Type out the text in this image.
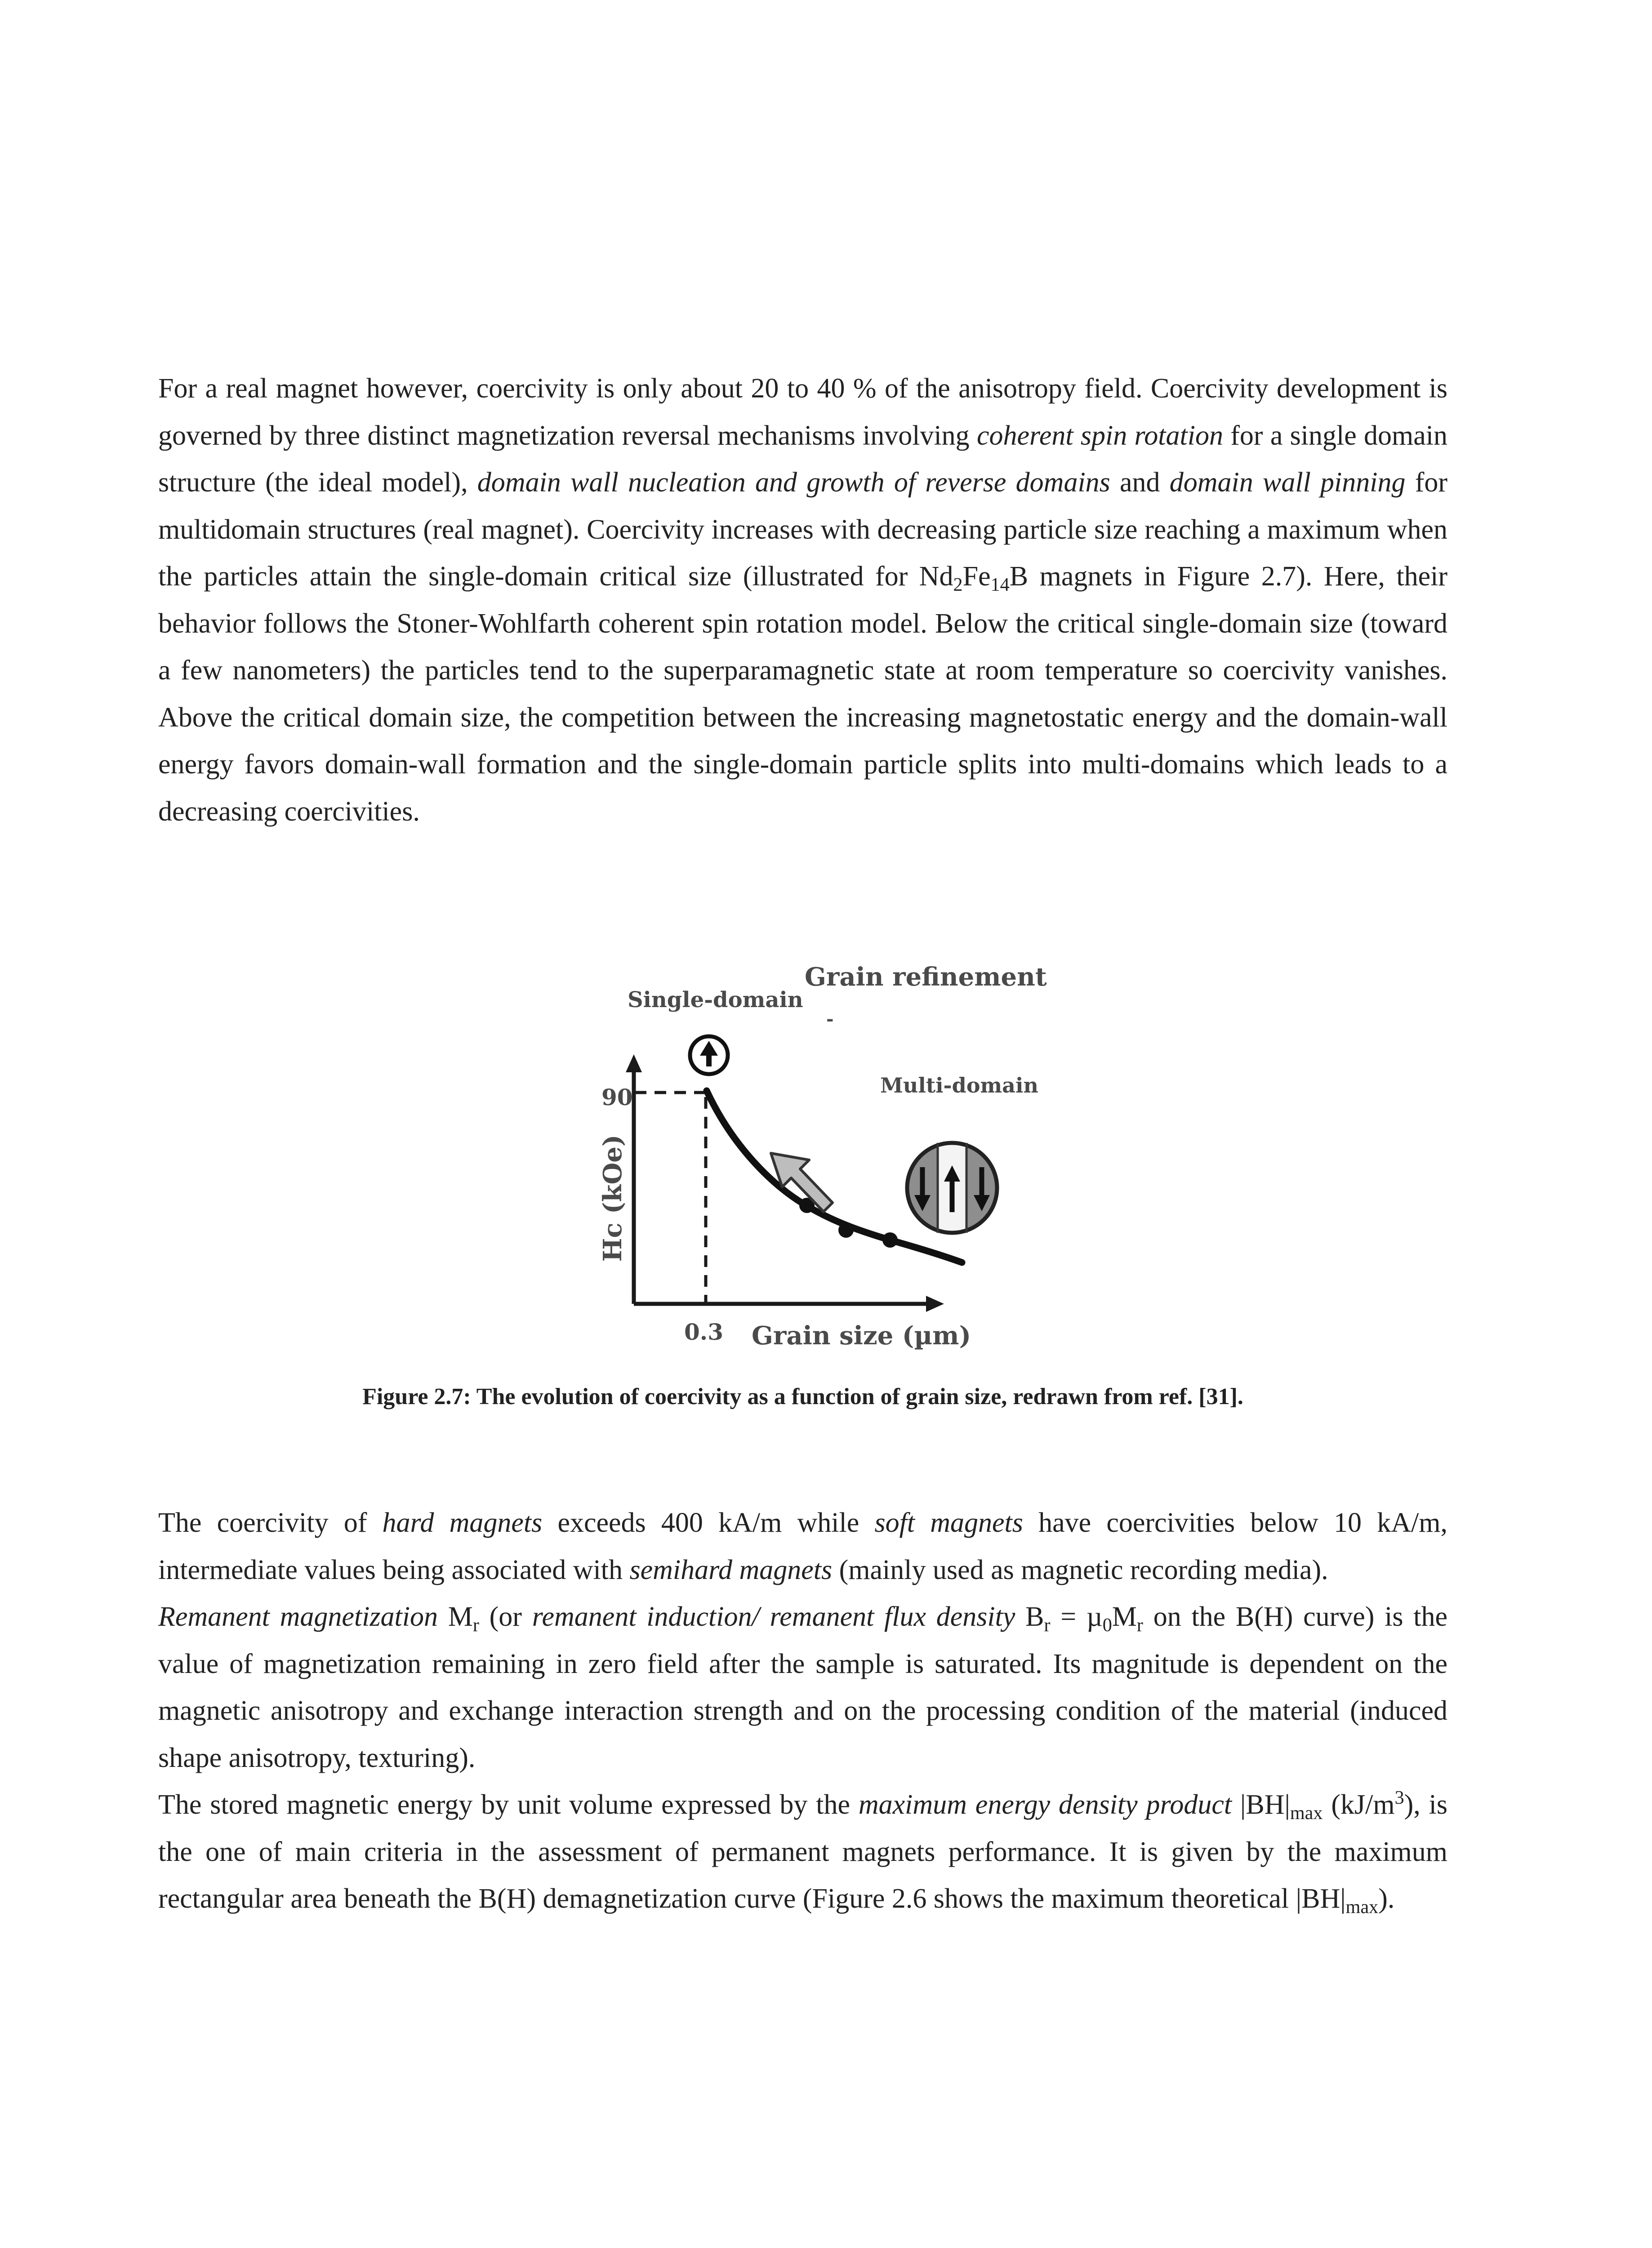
For a real magnet however, coercivity is only about 20 to 40 % of the anisotropy field. Coercivity development is governed by three distinct magnetization reversal mechanisms involving coherent spin rotation for a single domain structure (the ideal model), domain wall nucleation and growth of reverse domains and domain wall pinning for multidomain structures (real magnet). Coercivity increases with decreasing particle size reaching a maximum when the particles attain the single-domain critical size (illustrated for $Nd_2Fe_{14}B$ magnets in Figure 2.7). Here, their behavior follows the Stoner-Wohlfarth coherent spin rotation model. Below the critical single-domain size (toward a few nanometers) the particles tend to the superparamagnetic state at room temperature so coercivity vanishes. Above the critical domain size, the competition between the increasing magnetostatic energy and the domain-wall energy favors domain-wall formation and the single-domain particle splits into multi-domains which leads to a decreasing coercivities.

Grain refinement
Single-domain
-
Multi-domain
90
0.3 Grain size (µm)
Hc (kOe)
Figure 2.7: The evolution of coercivity as a function of grain size, redrawn from ref. [31].

The coercivity of hard magnets exceeds 400 kA/m while soft magnets have coercivities below 10 kA/m, intermediate values being associated with semihard magnets (mainly used as magnetic recording media).

Remanent magnetization $M_r$ (or remanent induction/ remanent flux density $B_r = \mu_0M_r$ on the B(H) curve) is the value of magnetization remaining in zero field after the sample is saturated. Its magnitude is dependent on the magnetic anisotropy and exchange interaction strength and on the processing condition of the material (induced shape anisotropy, texturing).

The stored magnetic energy by unit volume expressed by the maximum energy density product $|BH|_{max}$ $(kJ/m^3)$, is the one of main criteria in the assessment of permanent magnets performance. It is given by the maximum rectangular area beneath the B(H) demagnetization curve (Figure 2.6 shows the maximum theoretical $|BH|_{max}$).
